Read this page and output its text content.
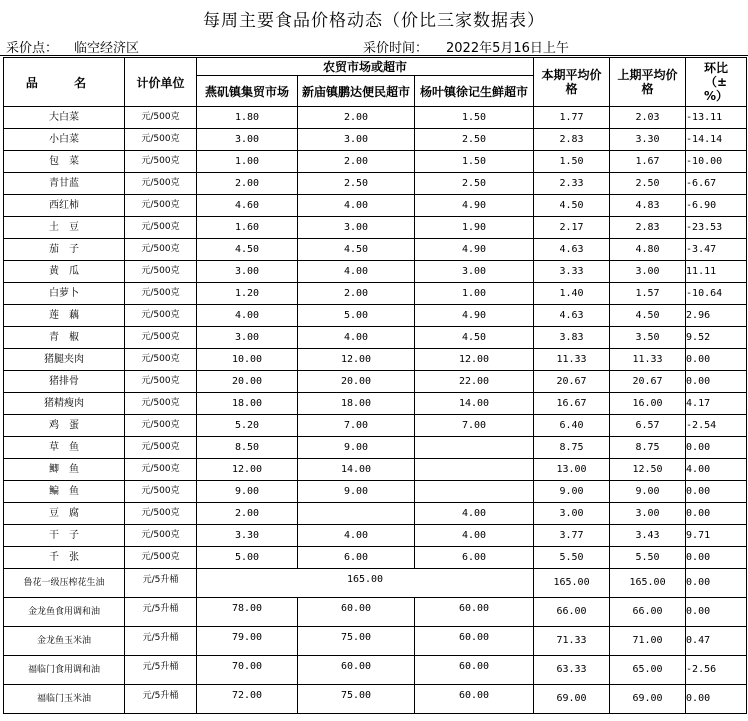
每周主要食品价格动态（价比三家数据表）
采价点： 临空经济区	采价时间： 2022年5月16日上午
品 名	计价单位	农贸市场或超市			本期平均价格	上期平均价格	环比（±%）
		燕矶镇集贸市场	新庙镇鹏达便民超市	杨叶镇徐记生鲜超市			
大白菜	元/500克	1.80	2.00	1.50	1.77	2.03	-13.11
小白菜	元/500克	3.00	3.00	2.50	2.83	3.30	-14.14
包　菜	元/500克	1.00	2.00	1.50	1.50	1.67	-10.00
青甘蓝	元/500克	2.00	2.50	2.50	2.33	2.50	-6.67
西红柿	元/500克	4.60	4.00	4.90	4.50	4.83	-6.90
土　豆	元/500克	1.60	3.00	1.90	2.17	2.83	-23.53
茄　子	元/500克	4.50	4.50	4.90	4.63	4.80	-3.47
黄　瓜	元/500克	3.00	4.00	3.00	3.33	3.00	11.11
白萝卜	元/500克	1.20	2.00	1.00	1.40	1.57	-10.64
莲　藕	元/500克	4.00	5.00	4.90	4.63	4.50	2.96
青　椒	元/500克	3.00	4.00	4.50	3.83	3.50	9.52
猪腿夹肉	元/500克	10.00	12.00	12.00	11.33	11.33	0.00
猪排骨	元/500克	20.00	20.00	22.00	20.67	20.67	0.00
猪精瘦肉	元/500克	18.00	18.00	14.00	16.67	16.00	4.17
鸡　蛋	元/500克	5.20	7.00	7.00	6.40	6.57	-2.54
草　鱼	元/500克	8.50	9.00		8.75	8.75	0.00
鲫　鱼	元/500克	12.00	14.00		13.00	12.50	4.00
鳊　鱼	元/500克	9.00	9.00		9.00	9.00	0.00
豆　腐	元/500克	2.00		4.00	3.00	3.00	0.00
干　子	元/500克	3.30	4.00	4.00	3.77	3.43	9.71
千　张	元/500克	5.00	6.00	6.00	5.50	5.50	0.00
鲁花一级压榨花生油	元/5升桶	165.00			165.00	165.00	0.00
金龙鱼食用调和油	元/5升桶	78.00	60.00	60.00	66.00	66.00	0.00
金龙鱼玉米油	元/5升桶	79.00	75.00	60.00	71.33	71.00	0.47
福临门食用调和油	元/5升桶	70.00	60.00	60.00	63.33	65.00	-2.56
福临门玉米油	元/5升桶	72.00	75.00	60.00	69.00	69.00	0.00
